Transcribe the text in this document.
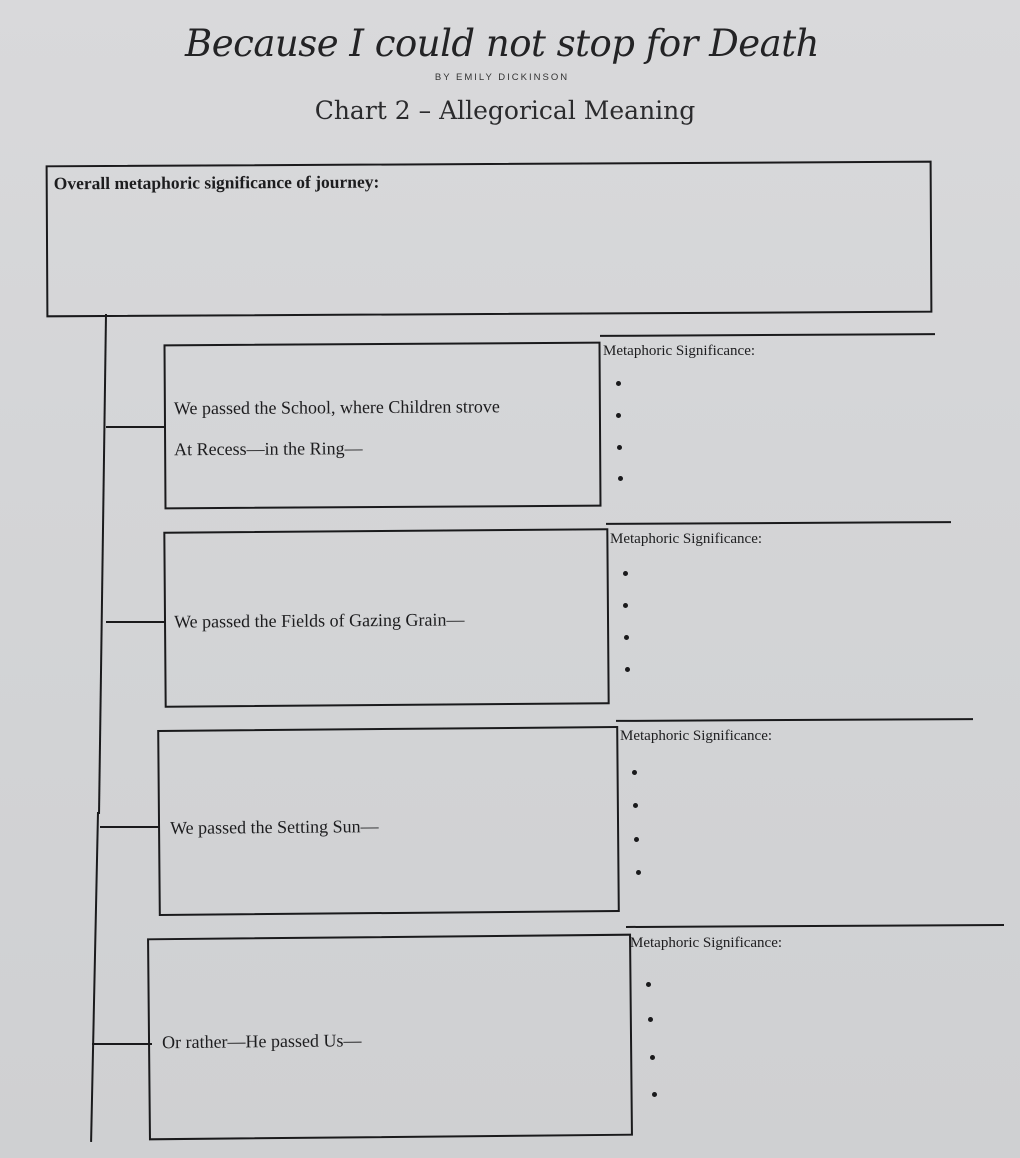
Because I could not stop for Death
BY EMILY DICKINSON
Chart 2 – Allegorical Meaning
Overall metaphoric significance of journey:
We passed the School, where Children strove
At Recess—in the Ring—
Metaphoric Significance:
We passed the Fields of Gazing Grain—
Metaphoric Significance:
We passed the Setting Sun—
Metaphoric Significance:
Or rather—He passed Us—
Metaphoric Significance:
